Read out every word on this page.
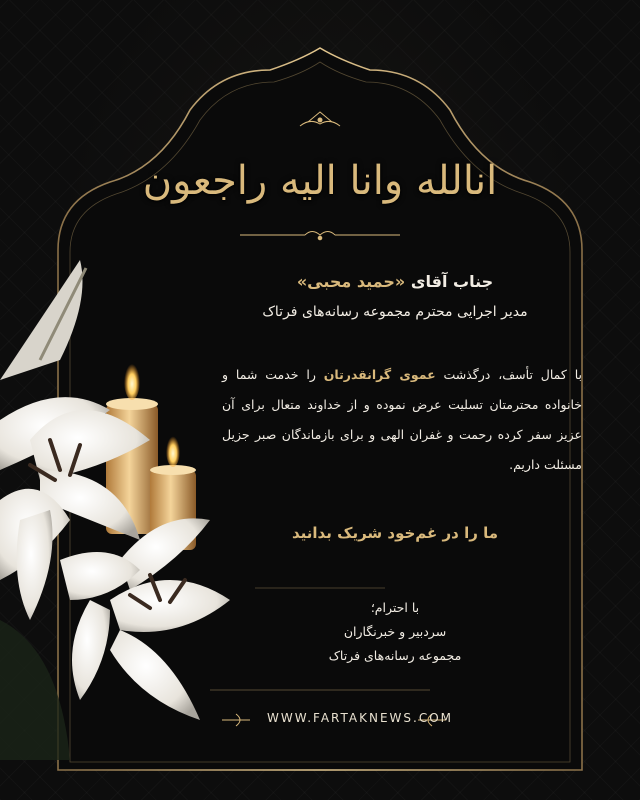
انالله وانا اليه راجعون
جناب آقای «حمید محبی»
مدیر اجرایی محترم مجموعه رسانه‌های فرتاک
با کمال تأسف، درگذشت عموی گرانقدرتان را خدمت شما و خانواده محترمتان تسلیت عرض نموده و از خداوند متعال برای آن عزیز سفر کرده رحمت و غفران الهی و برای بازماندگان صبر جزیل مسئلت داریم.
ما را در غم‌خود شریک بدانید
با احترام؛
سردبیر و خبرنگاران
مجموعه رسانه‌های فرتاک
WWW.FARTAKNEWS.COM
